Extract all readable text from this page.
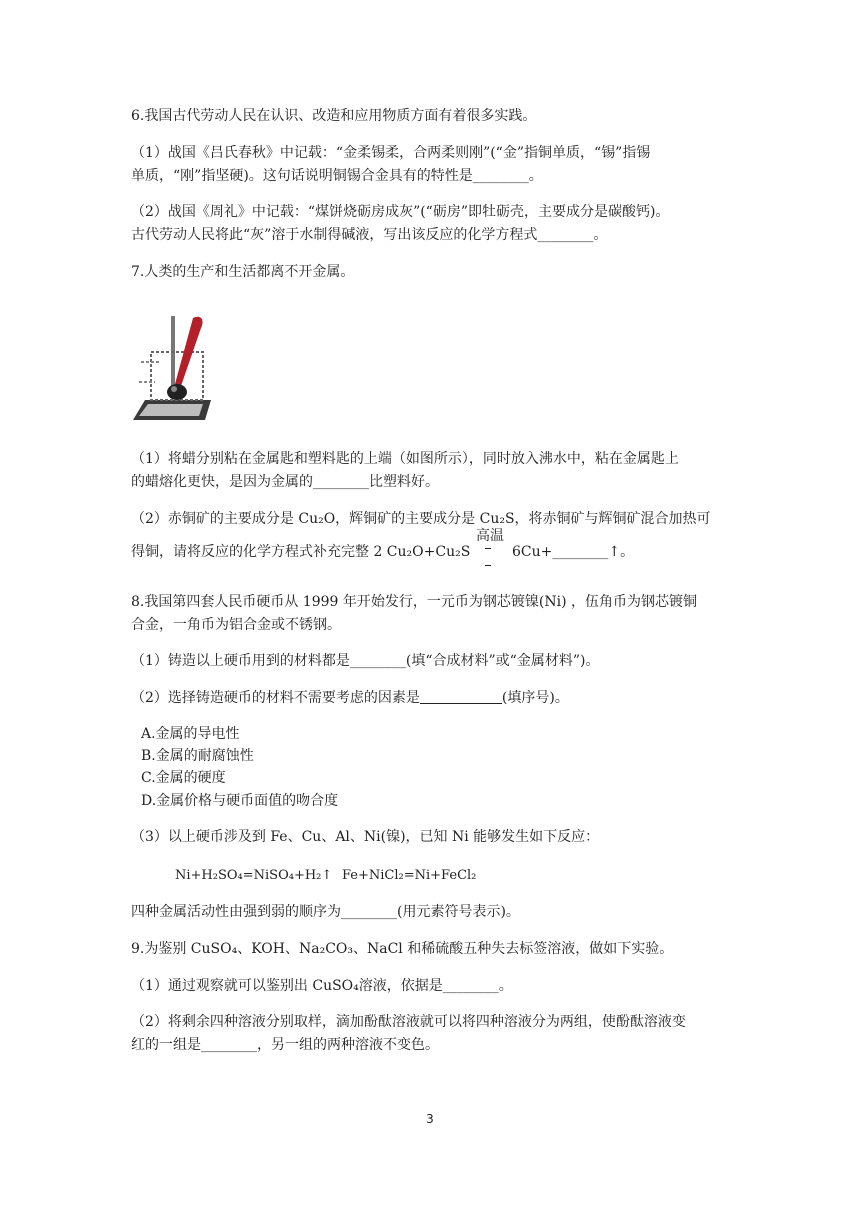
6.我国古代劳动人民在认识、改造和应用物质方面有着很多实践。
（1）战国《吕氏春秋》中记载：“金柔锡柔，合两柔则刚”(“金”指铜单质，“锡”指锡
单质，“刚”指坚硬)。这句话说明铜锡合金具有的特性是________。
（2）战国《周礼》中记载：“煤饼烧砺房成灰”(“砺房”即牡砺壳，主要成分是碳酸钙)。
古代劳动人民将此“灰”溶于水制得碱液，写出该反应的化学方程式________。
7.人类的生产和生活都离不开金属。
（1）将蜡分别粘在金属匙和塑料匙的上端（如图所示），同时放入沸水中，粘在金属匙上
的蜡熔化更快，是因为金属的________比塑料好。
（2）赤铜矿的主要成分是 Cu₂O，辉铜矿的主要成分是 Cu₂S，将赤铜矿与辉铜矿混合加热可
得铜，请将反应的化学方程式补充完整 2 Cu₂O+Cu₂S
高温
6Cu+________↑。
8.我国第四套人民币硬币从 1999 年开始发行，一元币为钢芯镀镍(Ni) ，伍角币为钢芯镀铜
合金，一角币为铝合金或不锈钢。
（1）铸造以上硬币用到的材料都是________(填“合成材料”或“金属材料”)。
（2）选择铸造硬币的材料不需要考虑的因素是	(填序号)。
A.金属的导电性
B.金属的耐腐蚀性
C.金属的硬度
D.金属价格与硬币面值的吻合度
（3）以上硬币涉及到 Fe、Cu、Al、Ni(镍)，已知 Ni 能够发生如下反应：
Ni+H₂SO₄=NiSO₄+H₂↑ Fe+NiCl₂=Ni+FeCl₂
四种金属活动性由强到弱的顺序为________(用元素符号表示)。
9.为鉴别 CuSO₄、KOH、Na₂CO₃、NaCl 和稀硫酸五种失去标签溶液，做如下实验。
（1）通过观察就可以鉴别出 CuSO₄溶液，依据是________。
（2）将剩余四种溶液分别取样，滴加酚酞溶液就可以将四种溶液分为两组，使酚酞溶液变
红的一组是________，另一组的两种溶液不变色。
3
